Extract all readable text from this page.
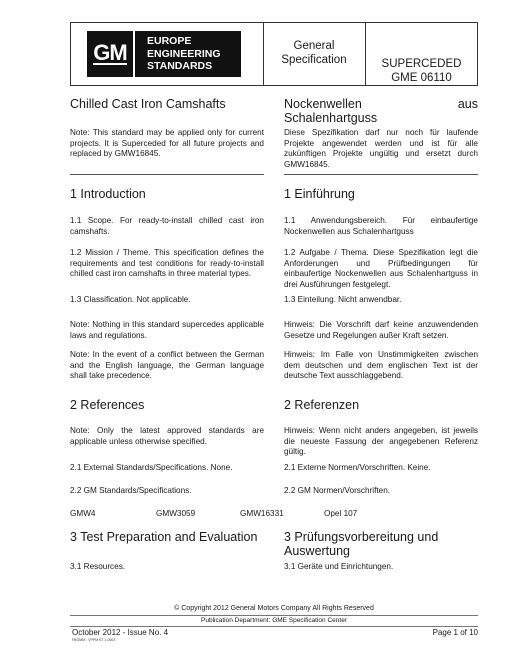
GM EUROPE
ENGINEERING
STANDARDS
General
Specification	SUPERCEDED
GME 06110
Chilled Cast Iron Camshafts	Nockenwellen aus Schalenhartguss
Note: This standard may be applied only for current projects. It is Superceded for all future projects and replaced by GMW16845.
Diese Spezifikation darf nur noch für laufende Projekte angewendet werden und ist für alle zukünftigen Projekte ungültig und ersetzt durch GMW16845.
1 Introduction	1 Einführung
1.1 Scope. For ready-to-install chilled cast iron camshafts.
1.1 Anwendungsbereich. Für einbaufertige Nockenwellen aus Schalenhartguss
1.2 Mission / Theme. This specification defines the requirements and test conditions for ready-to-install chilled cast iron camshafts in three material types.
1.2 Aufgabe / Thema. Diese Spezifikation legt die Anforderungen und Prüfbedingungen für einbaufertige Nockenwellen aus Schalenhartguss in drei Ausführungen festgelegt.
1.3 Classification. Not applicable.	1.3 Einteilung. Nicht anwendbar.
Note: Nothing in this standard supercedes applicable laws and regulations.
Hinweis: Die Vorschrift darf keine anzuwendenden Gesetze und Regelungen außer Kraft setzen.
Note: In the event of a conflict between the German and the English language, the German language shall take precedence.
Hinweis: Im Falle von Unstimmigkeiten zwischen dem deutschen und dem englischen Text ist der deutsche Text ausschlaggebend.
2 References	2 Referenzen
Note: Only the latest approved standards are applicable unless otherwise specified.
Hinweis: Wenn nicht anders angegeben, ist jeweils die neueste Fassung der angegebenen Referenz gültig.
2.1 External Standards/Specifications. None.	2.1 Externe Normen/Vorschriften. Keine.
2.2 GM Standards/Specifications.	2.2 GM Normen/Vorschriften.
GMW4	GMW3059	GMW16331	Opel 107
3 Test Preparation and Evaluation	3 Prüfungsvorbereitung und Auswertung
3.1 Resources.	3.1 Geräte und Einrichtungen.
© Copyright 2012 General Motors Company All Rights Reserved
Publication Department: GME Specification Center
October 2012 - Issue No. 4
FBGMM - VPPM ST 1-0603
Page 1 of 10
